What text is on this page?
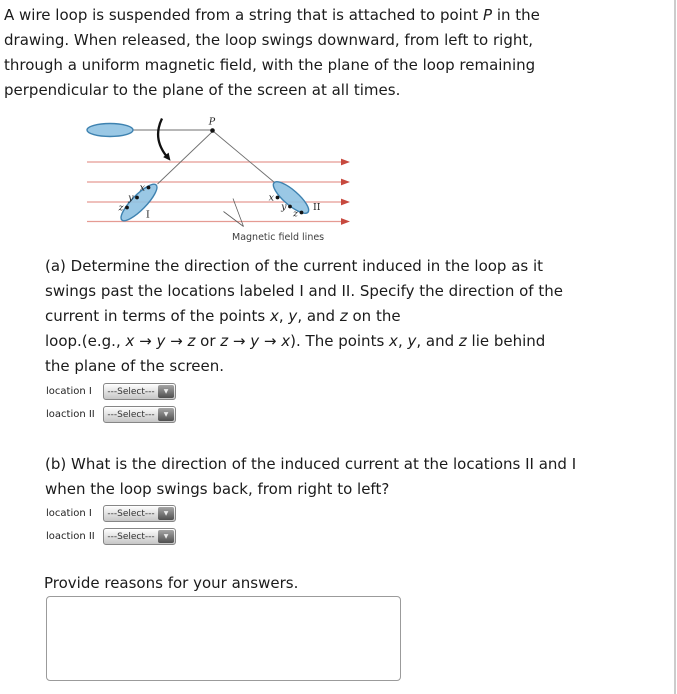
A wire loop is suspended from a string that is attached to point P in the
drawing. When released, the loop swings downward, from left to right,
through a uniform magnetic field, with the plane of the loop remaining
perpendicular to the plane of the screen at all times.
P
x
y
z
I
x
y
z
II
Magnetic field lines
(a) Determine the direction of the current induced in the loop as it
swings past the locations labeled I and II. Specify the direction of the
current in terms of the points x, y, and z on the
loop.(e.g., x → y → z or z → y → x). The points x, y, and z lie behind
the plane of the screen.
location I	---Select---	▼
loaction II	---Select---	▼
(b) What is the direction of the induced current at the locations II and I
when the loop swings back, from right to left?
location I	---Select---	▼
loaction II	---Select---	▼
Provide reasons for your answers.
